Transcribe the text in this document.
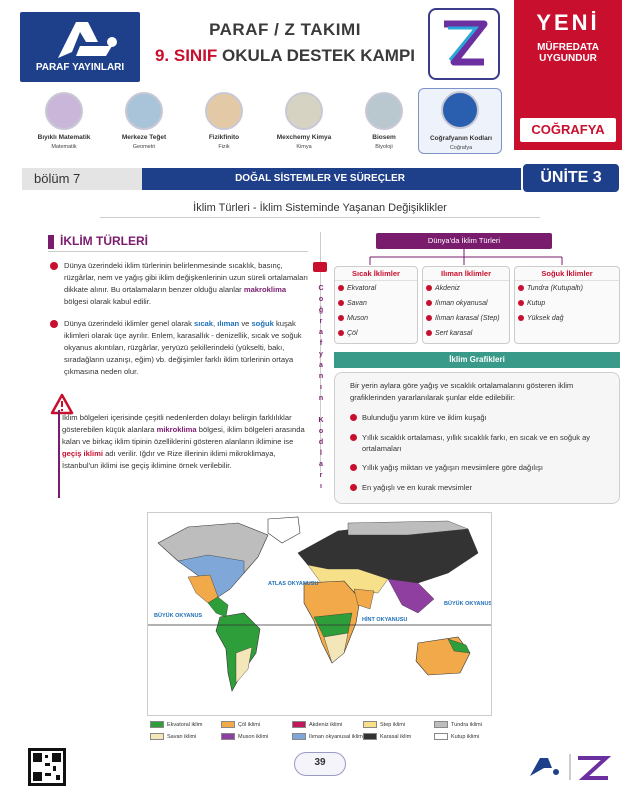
PARAF YAYINLARI
PARAF / Z TAKIMI
9. SINIF OKULA DESTEK KAMPI
YENİ
MÜFREDATA UYGUNDUR
COĞRAFYA
Bıyıklı Matematik
Matematik
Merkeze Teğet
Geometri
Fizikfinito
Fizik
Mexchemy Kimya
Kimya
Biosem
Biyoloji
Coğrafyanın Kodları
Coğrafya
bölüm 7	DOĞAL SİSTEMLER VE SÜREÇLER	ÜNİTE 3
İklim Türleri - İklim Sisteminde Yaşanan Değişiklikler
İKLİM TÜRLERİ
Dünya üzerindeki iklim türlerinin belirlenmesinde sıcaklık, basınç, rüzgârlar, nem ve yağış gibi iklim değişkenlerinin uzun süreli ortalamaları dikkate alınır. Bu ortalamaların benzer olduğu alanlar makroklima bölgesi olarak kabul edilir.
Dünya üzerindeki iklimler genel olarak sıcak, ılıman ve soğuk kuşak iklimleri olarak üçe ayrılır. Enlem, karasallık - denizellik, sıcak ve soğuk okyanus akıntıları, rüzgârlar, yeryüzü şekillerindeki (yükselti, bakı, sıradağların uzanışı, eğim) vb. değişimler farklı iklim türlerinin ortaya çıkmasına neden olur.
İklim bölgeleri içerisinde çeşitli nedenlerden dolayı belirgin farklılıklar gösterebilen küçük alanlara mikroklima bölgesi, iklim bölgeleri arasında kalan ve birkaç iklim tipinin özelliklerini gösteren alanların iklimine ise geçiş iklimi adı verilir. Iğdır ve Rize illerinin iklimi mikroklimaya, İstanbul'un iklimi ise geçiş iklimine örnek verilebilir.
C
o
ğ
r
a
f
y
a
n
ı
n

K
o
d
l
a
r
ı
Dünya'da İklim Türleri
Sıcak İklimler
Ekvatoral
Savan
Muson
Çöl
Ilıman İklimler
Akdeniz
Ilıman okyanusal
Ilıman karasal (Step)
Sert karasal
Soğuk İklimler
Tundra (Kutupaltı)
Kutup
Yüksek dağ
İklim Grafikleri
Bir yerin aylara göre yağış ve sıcaklık ortalamalarını gösteren iklim grafiklerinden yararlanılarak şunlar elde edilebilir:
Bulunduğu yarım küre ve iklim kuşağı
Yıllık sıcaklık ortalaması, yıllık sıcaklık farkı, en sıcak ve en soğuk ay ortalamaları
Yıllık yağış miktarı ve yağışın mevsimlere göre dağılışı
En yağışlı ve en kurak mevsimler
ATLAS OKYANUSU
BÜYÜK OKYANUS
BÜYÜK OKYANUS
HİNT OKYANUSU
Ekvatoral iklim	Çöl iklimi	Akdeniz iklimi	Step iklimi	Tundra iklimi
Savan iklimi	Muson iklimi	Ilıman okyanusal iklim	Karasal iklim	Kutup iklimi
39
